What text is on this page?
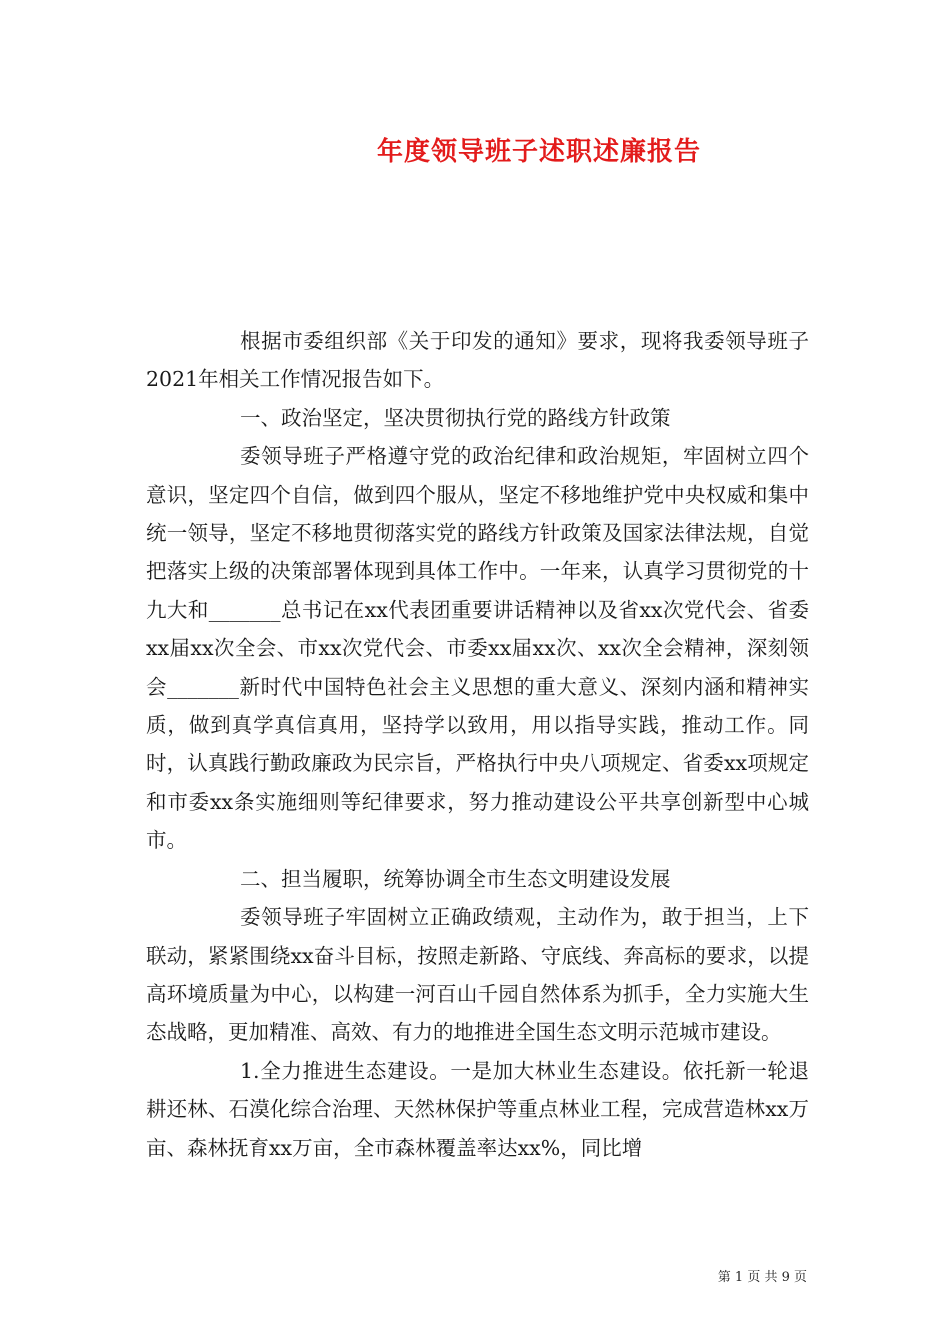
年度领导班子述职述廉报告

根据市委组织部《关于印发的通知》要求，现将我委领导班子2021年相关工作情况报告如下。

一、政治坚定，坚决贯彻执行党的路线方针政策

委领导班子严格遵守党的政治纪律和政治规矩，牢固树立四个意识，坚定四个自信，做到四个服从，坚定不移地维护党中央权威和集中统一领导，坚定不移地贯彻落实党的路线方针政策及国家法律法规，自觉把落实上级的决策部署体现到具体工作中。一年来，认真学习贯彻党的十九大和_______总书记在xx代表团重要讲话精神以及省xx次党代会、省委xx届xx次全会、市xx次党代会、市委xx届xx次、xx次全会精神，深刻领会_______新时代中国特色社会主义思想的重大意义、深刻内涵和精神实质，做到真学真信真用，坚持学以致用，用以指导实践，推动工作。同时，认真践行勤政廉政为民宗旨，严格执行中央八项规定、省委xx项规定和市委xx条实施细则等纪律要求，努力推动建设公平共享创新型中心城市。

二、担当履职，统筹协调全市生态文明建设发展

委领导班子牢固树立正确政绩观，主动作为，敢于担当，上下联动，紧紧围绕xx奋斗目标，按照走新路、守底线、奔高标的要求，以提高环境质量为中心，以构建一河百山千园自然体系为抓手，全力实施大生态战略，更加精准、高效、有力的地推进全国生态文明示范城市建设。

1.全力推进生态建设。一是加大林业生态建设。依托新一轮退耕还林、石漠化综合治理、天然林保护等重点林业工程，完成营造林xx万亩、森林抚育xx万亩，全市森林覆盖率达xx%，同比增

第 1 页 共 9 页
